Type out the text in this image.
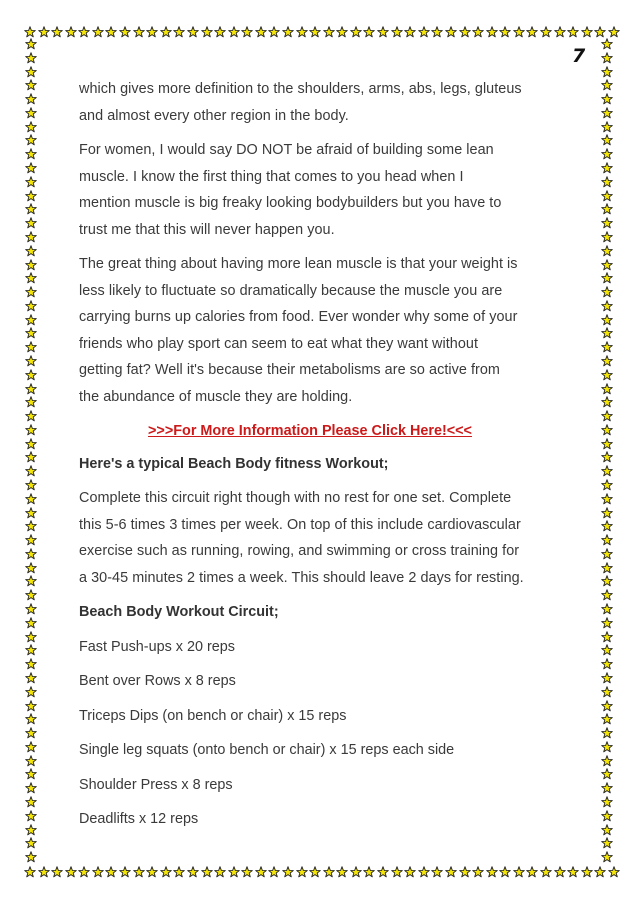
7

which gives more definition to the shoulders, arms, abs, legs, gluteus
and almost every other region in the body.

For women, I would say DO NOT be afraid of building some lean
muscle. I know the first thing that comes to you head when I
mention muscle is big freaky looking bodybuilders but you have to
trust me that this will never happen you.

The great thing about having more lean muscle is that your weight is
less likely to fluctuate so dramatically because the muscle you are
carrying burns up calories from food. Ever wonder why some of your
friends who play sport can seem to eat what they want without
getting fat? Well it's because their metabolisms are so active from
the abundance of muscle they are holding.

>>>For More Information Please Click Here!<<<

Here's a typical Beach Body fitness Workout;

Complete this circuit right though with no rest for one set. Complete
this 5-6 times 3 times per week. On top of this include cardiovascular
exercise such as running, rowing, and swimming or cross training for
a 30-45 minutes 2 times a week. This should leave 2 days for resting.

Beach Body Workout Circuit;

Fast Push-ups x 20 reps

Bent over Rows x 8 reps

Triceps Dips (on bench or chair) x 15 reps

Single leg squats (onto bench or chair) x 15 reps each side

Shoulder Press x 8 reps

Deadlifts x 12 reps
